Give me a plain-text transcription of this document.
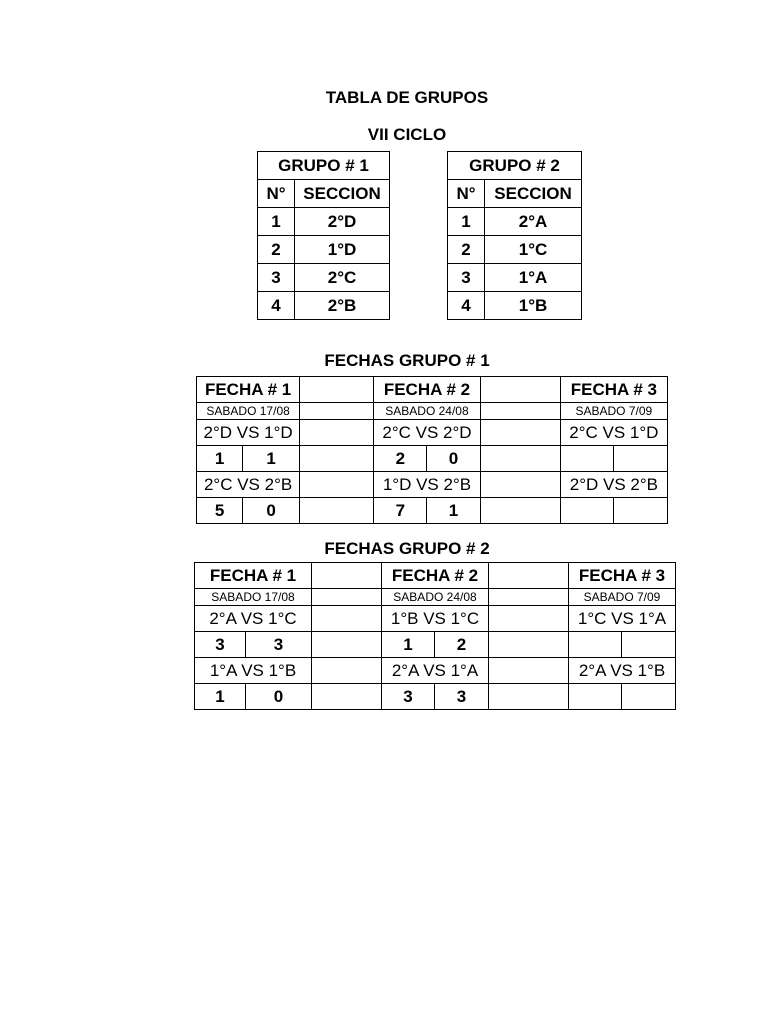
TABLA DE GRUPOS
VII CICLO
GRUPO # 1			GRUPO # 2	
N°	SECCION		N°	SECCION
1	2°D		1	2°A
2	1°D		2	1°C
3	2°C		3	1°A
4	2°B		4	1°B
FECHAS GRUPO # 1
FECHA # 1			FECHA # 2			FECHA # 3	
SABADO 17/08			SABADO 24/08			SABADO 7/09	
2°D VS 1°D			2°C VS 2°D			2°C VS 1°D	
1	1		2	0			
2°C VS 2°B			1°D VS 2°B			2°D VS 2°B	
5	0		7	1			
FECHAS GRUPO # 2
FECHA # 1			FECHA # 2			FECHA # 3	
SABADO 17/08			SABADO 24/08			SABADO 7/09	
2°A VS 1°C			1°B VS 1°C			1°C VS 1°A	
3	3		1	2			
1°A VS 1°B			2°A VS 1°A			2°A VS 1°B	
1	0		3	3			
